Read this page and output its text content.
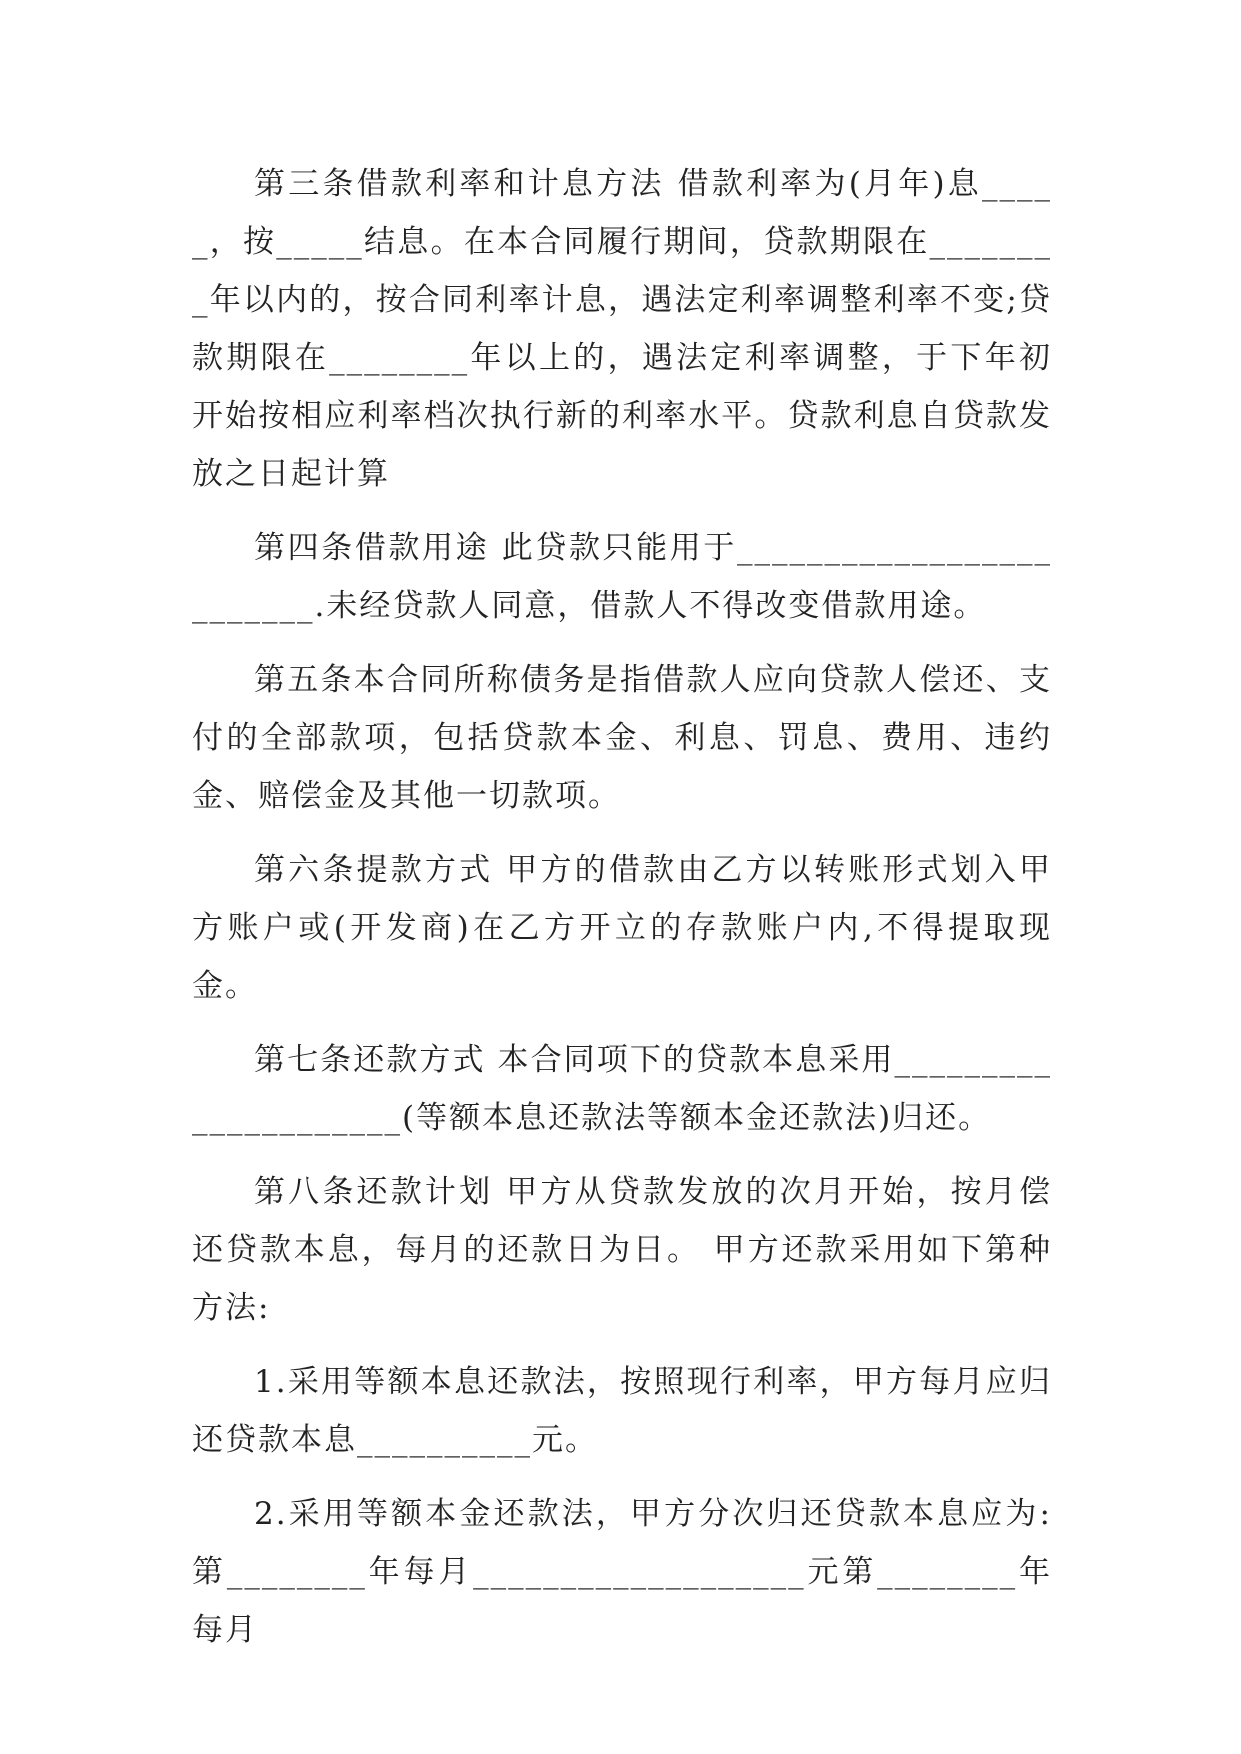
第三条借款利率和计息方法 借款利率为(月年)息_____，按_____结息。在本合同履行期间，贷款期限在________年以内的，按合同利率计息，遇法定利率调整利率不变;贷款期限在________年以上的，遇法定利率调整，于下年初开始按相应利率档次执行新的利率水平。贷款利息自贷款发放之日起计算

第四条借款用途 此贷款只能用于_________________________.未经贷款人同意，借款人不得改变借款用途。

第五条本合同所称债务是指借款人应向贷款人偿还、支付的全部款项，包括贷款本金、利息、罚息、费用、违约金、赔偿金及其他一切款项。

第六条提款方式 甲方的借款由乙方以转账形式划入甲方账户或(开发商)在乙方开立的存款账户内,不得提取现金。

第七条还款方式 本合同项下的贷款本息采用_____________________(等额本息还款法等额本金还款法)归还。

第八条还款计划 甲方从贷款发放的次月开始，按月偿还贷款本息，每月的还款日为日。 甲方还款采用如下第种方法:

1.采用等额本息还款法，按照现行利率，甲方每月应归还贷款本息__________元。

2.采用等额本金还款法，甲方分次归还贷款本息应为:第________年每月___________________元第________年每月
